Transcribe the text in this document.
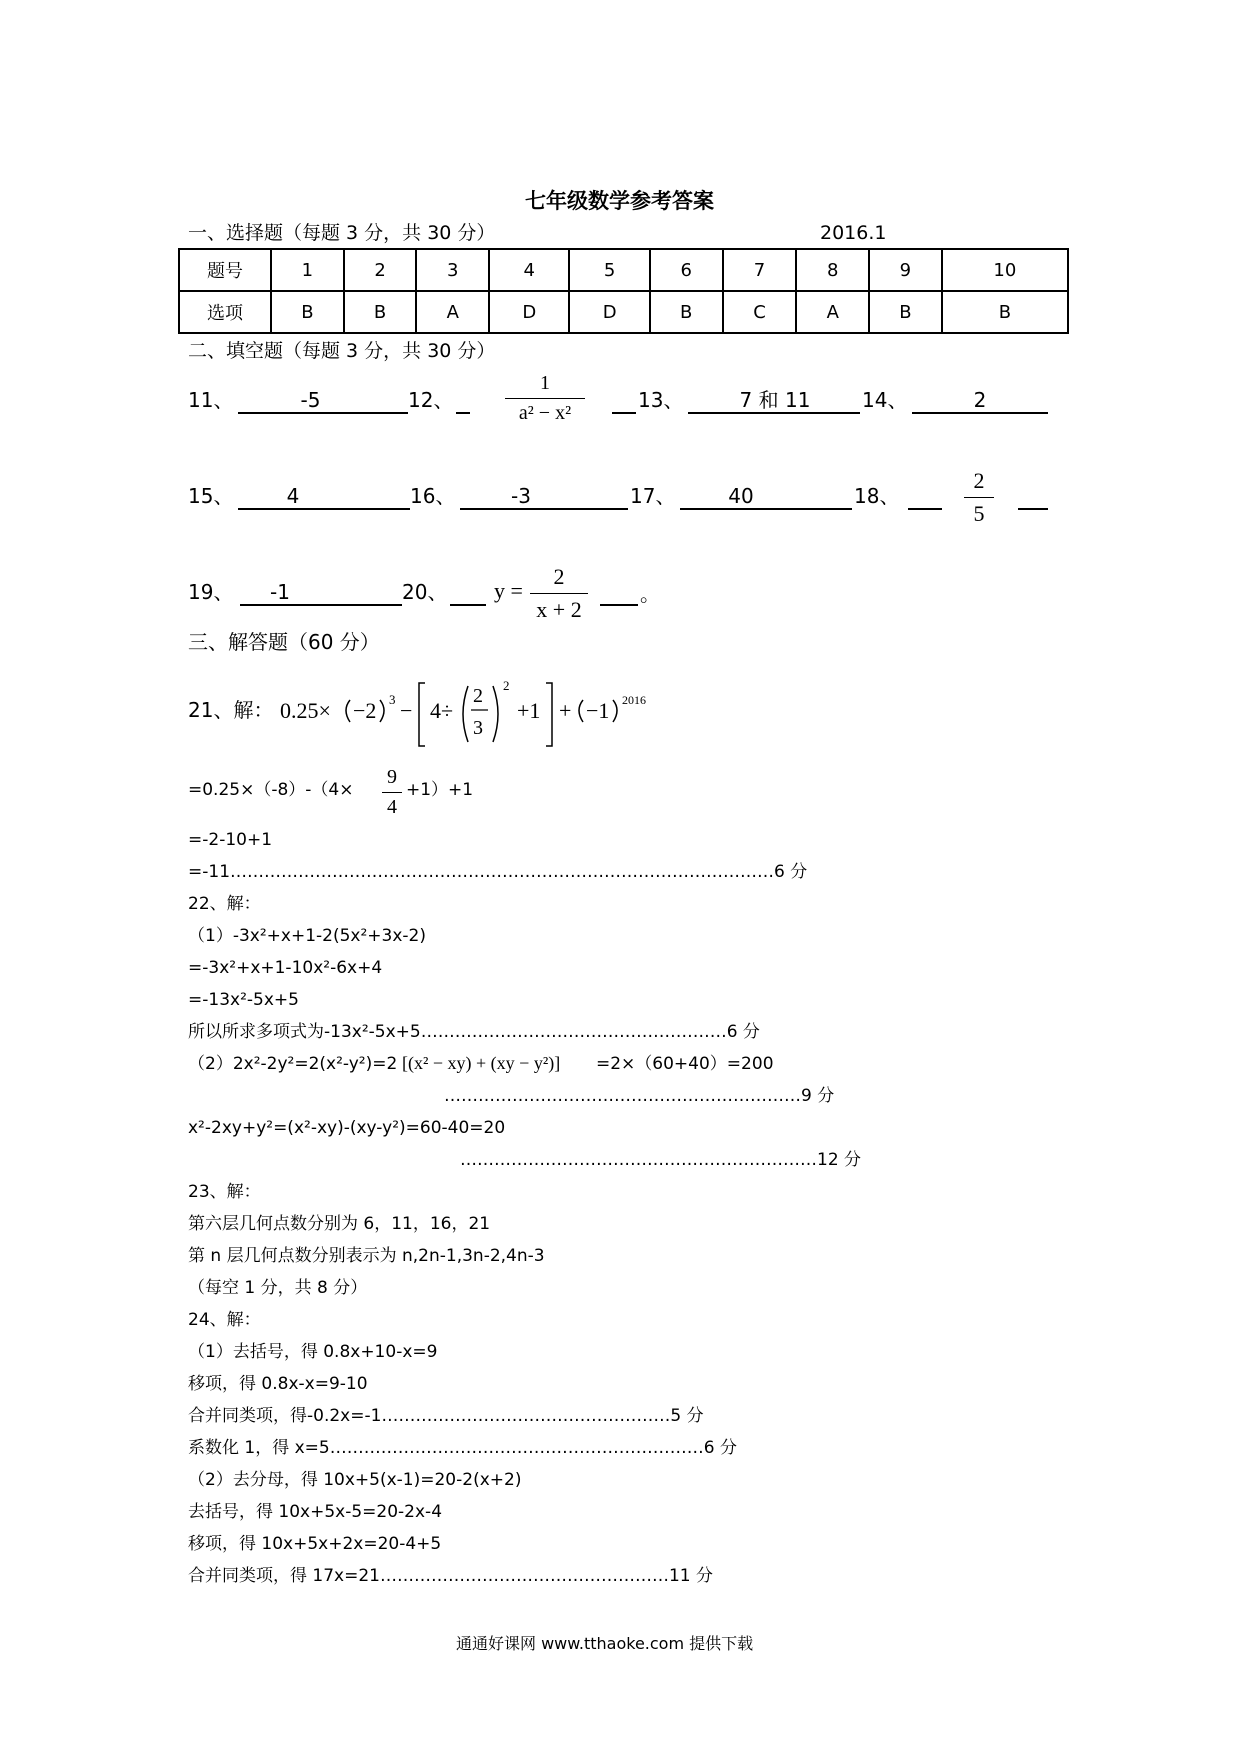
七年级数学参考答案
一、选择题（每题 3 分，共 30 分）	2016.1
题号	1	2	3	4	5	6	7	8	9	10
选项	B	B	A	D	D	B	C	A	B	B
二、填空题（每题 3 分，共 30 分）
11、	-5	12、
1
a² − x²
13、	7 和 11	14、	2
15、	4	16、	-3	17、	40	18、
2
5
19、	-1	20、 y =
2
x + 2
。
三、解答题（60 分）
21、解： 0.25× −2 3 − 4÷
2
3
2
+1 + −1 2016
=0.25×（-8）-（4×
9
4
+1）+1
=-2-10+1
=-11……………………………………………………………………………………6 分
22、解：
（1）-3x²+x+1-2(5x²+3x-2)
=-3x²+x+1-10x²-6x+4
=-13x²-5x+5
所以所求多项式为-13x²-5x+5………………………………………………6 分
（2）2x²-2y²=2(x²-y²)=2 [(x² − xy) + (xy − y²)] =2×（60+40）=200
………………………………………………………9 分
x²-2xy+y²=(x²-xy)-(xy-y²)=60-40=20
………………………………………………………12 分
23、解：
第六层几何点数分别为 6，11，16，21
第 n 层几何点数分别表示为 n,2n-1,3n-2,4n-3
（每空 1 分，共 8 分）
24、解：
（1）去括号，得 0.8x+10-x=9
移项，得 0.8x-x=9-10
合并同类项，得-0.2x=-1……………………………………………5 分
系数化 1，得 x=5…………………………………………………………6 分
（2）去分母，得 10x+5(x-1)=20-2(x+2)
去括号，得 10x+5x-5=20-2x-4
移项，得 10x+5x+2x=20-4+5
合并同类项，得 17x=21……………………………………………11 分
通通好课网 www.tthaoke.com 提供下载
